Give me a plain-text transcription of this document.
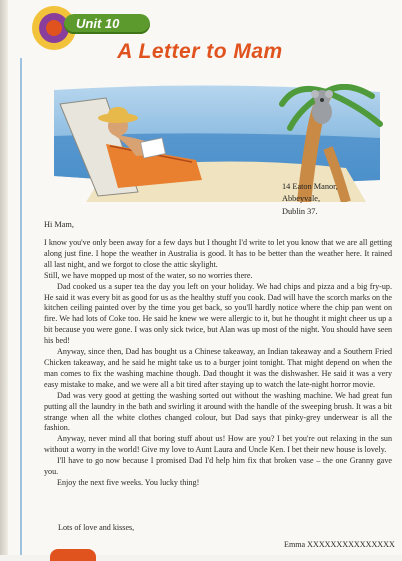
Unit 10
A Letter to Mam
14 Eaton Manor,
Abbeyvale,
Dublin 37.
Hi Mam,

I know you've only been away for a few days but I thought I'd write to let you know that we are all getting along just fine. I hope the weather in Australia is good. It has to be better than the weather here. It rained all last night, and we forgot to close the attic skylight.

Still, we have mopped up most of the water, so no worries there.

Dad cooked us a super tea the day you left on your holiday. We had chips and pizza and a big fry-up. He said it was every bit as good for us as the healthy stuff you cook. Dad will have the scorch marks on the kitchen ceiling painted over by the time you get back, so you'll hardly notice where the chip pan went on fire. We had lots of Coke too. He said he knew we were allergic to it, but he thought it might cheer us up a bit because you were gone. I was only sick twice, but Alan was up most of the night. You should have seen his bed!

Anyway, since then, Dad has bought us a Chinese takeaway, an Indian takeaway and a Southern Fried Chicken takeaway, and he said he might take us to a burger joint tonight. That might depend on when the man comes to fix the washing machine though. Dad thought it was the dishwasher. He said it was a very easy mistake to make, and we were all a bit tired after staying up to watch the late-night horror movie.

Dad was very good at getting the washing sorted out without the washing machine. We had great fun putting all the laundry in the bath and swirling it around with the handle of the sweeping brush. It was a bit strange when all the white clothes changed colour, but Dad says that pinky-grey underwear is all the fashion.

Anyway, never mind all that boring stuff about us! How are you? I bet you're out relaxing in the sun without a worry in the world! Give my love to Aunt Laura and Uncle Ken. I bet their new house is lovely.

I'll have to go now because I promised Dad I'd help him fix that broken vase – the one Granny gave you.

Enjoy the next five weeks. You lucky thing!

Lots of love and kisses,
Emma XXXXXXXXXXXXXXX
